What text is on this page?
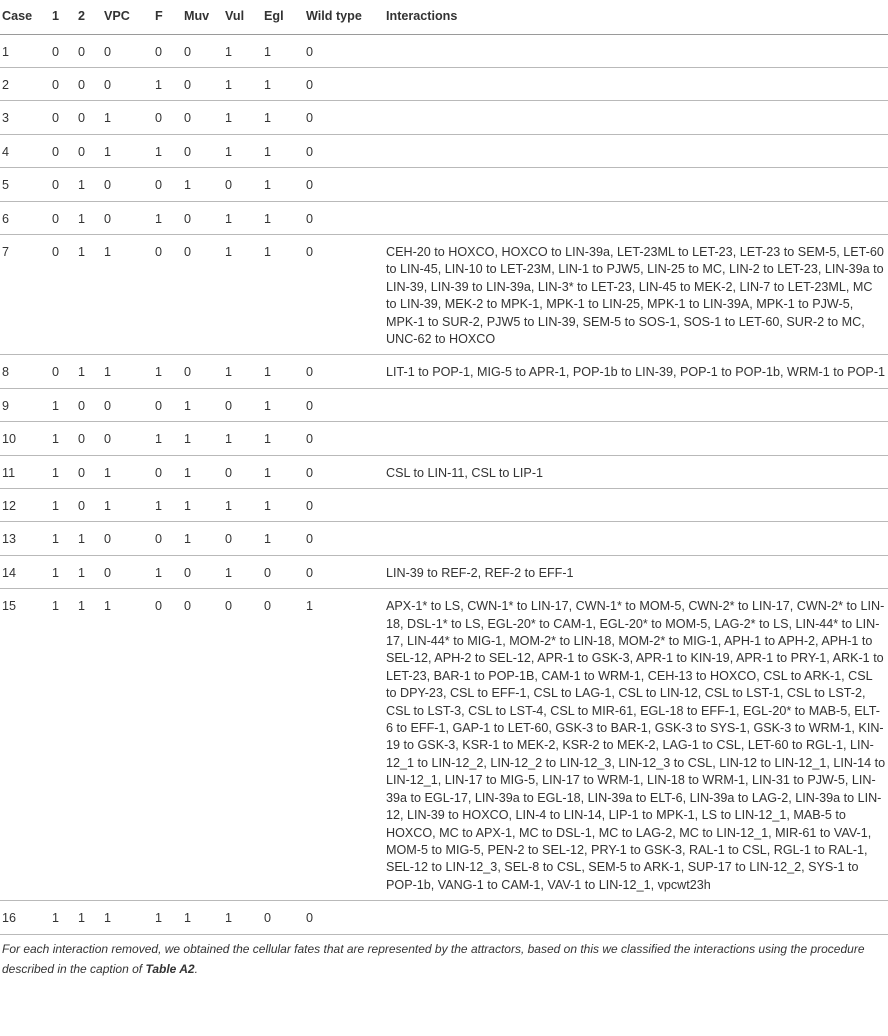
Case	1	2	VPC	F	Muv	Vul	Egl	Wild type	Interactions
1	0	0	0	0	0	1	1	0	
2	0	0	0	1	0	1	1	0	
3	0	0	1	0	0	1	1	0	
4	0	0	1	1	0	1	1	0	
5	0	1	0	0	1	0	1	0	
6	0	1	0	1	0	1	1	0	
7	0	1	1	0	0	1	1	0	CEH-20 to HOXCO, HOXCO to LIN-39a, LET-23ML to LET-23, LET-23 to SEM-5, LET-60 to LIN-45, LIN-10 to LET-23M, LIN-1 to PJW5, LIN-25 to MC, LIN-2 to LET-23, LIN-39a to LIN-39, LIN-39 to LIN-39a, LIN-3* to LET-23, LIN-45 to MEK-2, LIN-7 to LET-23ML, MC to LIN-39, MEK-2 to MPK-1, MPK-1 to LIN-25, MPK-1 to LIN-39A, MPK-1 to PJW-5, MPK-1 to SUR-2, PJW5 to LIN-39, SEM-5 to SOS-1, SOS-1 to LET-60, SUR-2 to MC, UNC-62 to HOXCO
8	0	1	1	1	0	1	1	0	LIT-1 to POP-1, MIG-5 to APR-1, POP-1b to LIN-39, POP-1 to POP-1b, WRM-1 to POP-1
9	1	0	0	0	1	0	1	0	
10	1	0	0	1	1	1	1	0	
11	1	0	1	0	1	0	1	0	CSL to LIN-11, CSL to LIP-1
12	1	0	1	1	1	1	1	0	
13	1	1	0	0	1	0	1	0	
14	1	1	0	1	0	1	0	0	LIN-39 to REF-2, REF-2 to EFF-1
15	1	1	1	0	0	0	0	1	APX-1* to LS, CWN-1* to LIN-17, CWN-1* to MOM-5, CWN-2* to LIN-17, CWN-2* to LIN-18, DSL-1* to LS, EGL-20* to CAM-1, EGL-20* to MOM-5, LAG-2* to LS, LIN-44* to LIN-17, LIN-44* to MIG-1, MOM-2* to LIN-18, MOM-2* to MIG-1, APH-1 to APH-2, APH-1 to SEL-12, APH-2 to SEL-12, APR-1 to GSK-3, APR-1 to KIN-19, APR-1 to PRY-1, ARK-1 to LET-23, BAR-1 to POP-1B, CAM-1 to WRM-1, CEH-13 to HOXCO, CSL to ARK-1, CSL to DPY-23, CSL to EFF-1, CSL to LAG-1, CSL to LIN-12, CSL to LST-1, CSL to LST-2, CSL to LST-3, CSL to LST-4, CSL to MIR-61, EGL-18 to EFF-1, EGL-20* to MAB-5, ELT-6 to EFF-1, GAP-1 to LET-60, GSK-3 to BAR-1, GSK-3 to SYS-1, GSK-3 to WRM-1, KIN-19 to GSK-3, KSR-1 to MEK-2, KSR-2 to MEK-2, LAG-1 to CSL, LET-60 to RGL-1, LIN-12_1 to LIN-12_2, LIN-12_2 to LIN-12_3, LIN-12_3 to CSL, LIN-12 to LIN-12_1, LIN-14 to LIN-12_1, LIN-17 to MIG-5, LIN-17 to WRM-1, LIN-18 to WRM-1, LIN-31 to PJW-5, LIN-39a to EGL-17, LIN-39a to EGL-18, LIN-39a to ELT-6, LIN-39a to LAG-2, LIN-39a to LIN-12, LIN-39 to HOXCO, LIN-4 to LIN-14, LIP-1 to MPK-1, LS to LIN-12_1, MAB-5 to HOXCO, MC to APX-1, MC to DSL-1, MC to LAG-2, MC to LIN-12_1, MIR-61 to VAV-1, MOM-5 to MIG-5, PEN-2 to SEL-12, PRY-1 to GSK-3, RAL-1 to CSL, RGL-1 to RAL-1, SEL-12 to LIN-12_3, SEL-8 to CSL, SEM-5 to ARK-1, SUP-17 to LIN-12_2, SYS-1 to POP-1b, VANG-1 to CAM-1, VAV-1 to LIN-12_1, vpcwt23h
16	1	1	1	1	1	1	0	0	
For each interaction removed, we obtained the cellular fates that are represented by the attractors, based on this we classified the interactions using the procedure described in the caption of Table A2.
